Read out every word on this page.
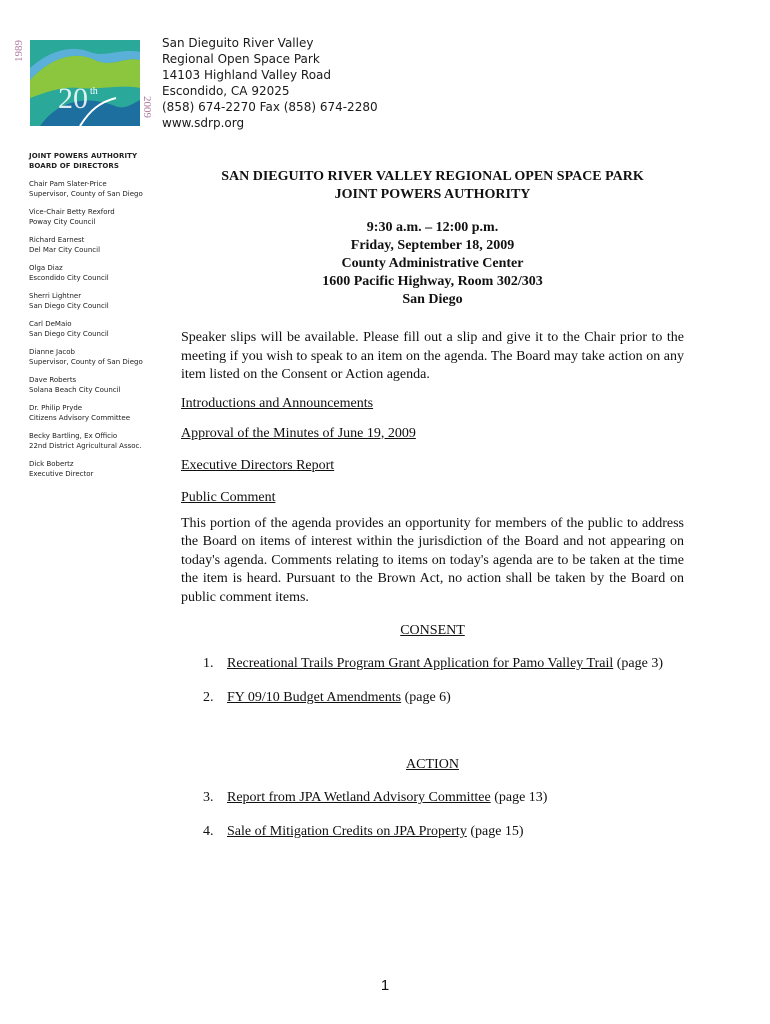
1989
20 th
2009
San Dieguito River Valley
Regional Open Space Park
14103 Highland Valley Road
Escondido, CA 92025
(858) 674-2270 Fax (858) 674-2280
www.sdrp.org
JOINT POWERS AUTHORITY
BOARD OF DIRECTORS
Chair Pam Slater-Price
Supervisor, County of San Diego
Vice-Chair Betty Rexford
Poway City Council
Richard Earnest
Del Mar City Council
Olga Diaz
Escondido City Council
Sherri Lightner
San Diego City Council
Carl DeMaio
San Diego City Council
Dianne Jacob
Supervisor, County of San Diego
Dave Roberts
Solana Beach City Council
Dr. Philip Pryde
Citizens Advisory Committee
Becky Bartling, Ex Officio
22nd District Agricultural Assoc.
Dick Bobertz
Executive Director
SAN DIEGUITO RIVER VALLEY REGIONAL OPEN SPACE PARK
JOINT POWERS AUTHORITY
9:30 a.m. – 12:00 p.m.
Friday, September 18, 2009
County Administrative Center
1600 Pacific Highway, Room 302/303
San Diego
Speaker slips will be available. Please fill out a slip and give it to the Chair prior to the meeting if you wish to speak to an item on the agenda. The Board may take action on any item listed on the Consent or Action agenda.
Introductions and Announcements
Approval of the Minutes of June 19, 2009
Executive Directors Report
Public Comment
This portion of the agenda provides an opportunity for members of the public to address the Board on items of interest within the jurisdiction of the Board and not appearing on today's agenda. Comments relating to items on today's agenda are to be taken at the time the item is heard. Pursuant to the Brown Act, no action shall be taken by the Board on public comment items.
CONSENT
1. Recreational Trails Program Grant Application for Pamo Valley Trail (page 3)
2. FY 09/10 Budget Amendments (page 6)
ACTION
3. Report from JPA Wetland Advisory Committee (page 13)
4. Sale of Mitigation Credits on JPA Property (page 15)
1
